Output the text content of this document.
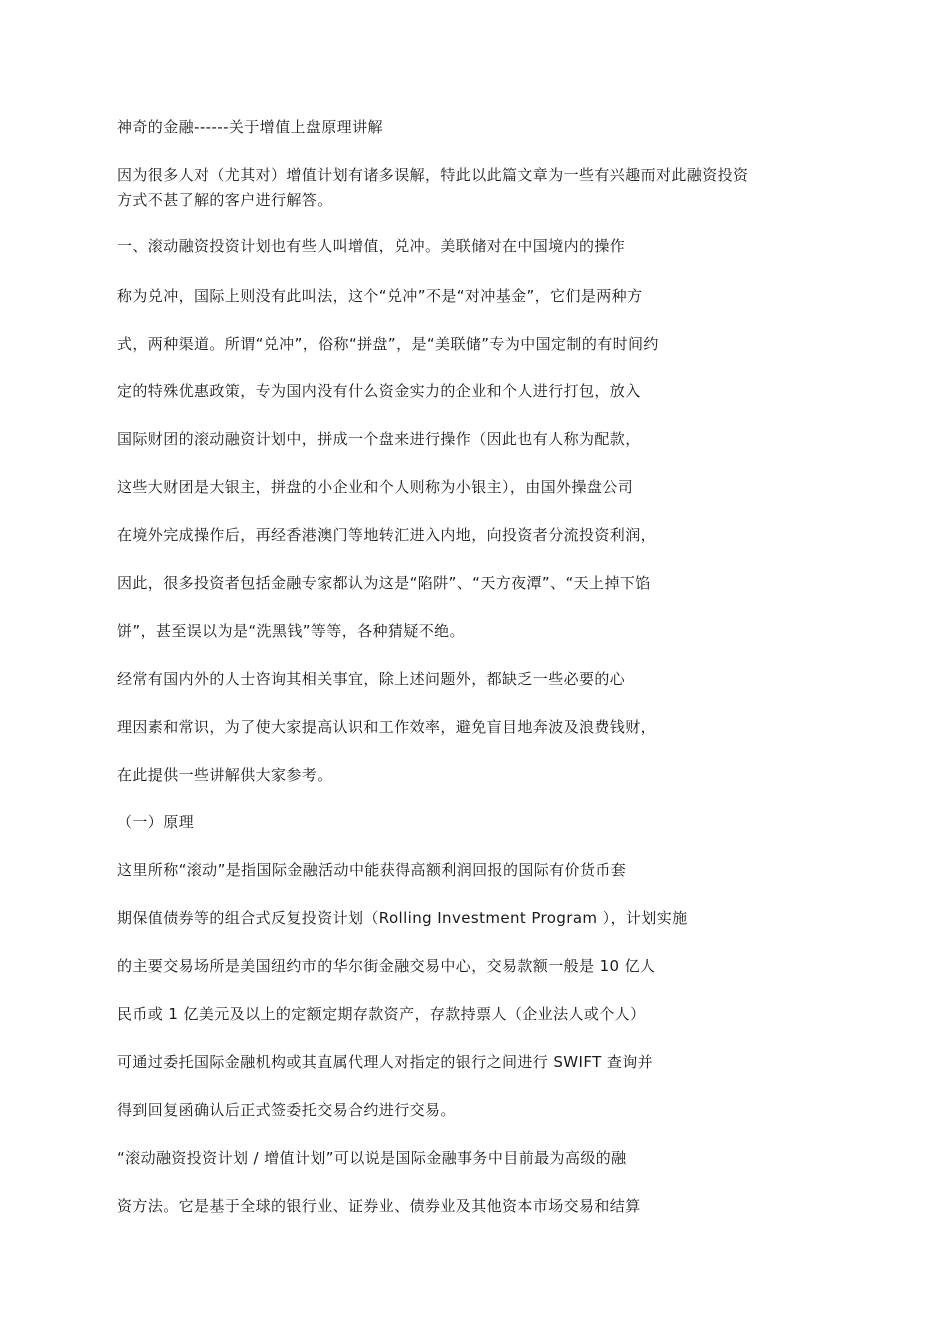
神奇的金融------关于增值上盘原理讲解
因为很多人对（尤其对）增值计划有诸多误解，特此以此篇文章为一些有兴趣而对此融资投资
方式不甚了解的客户进行解答。
一、滚动融资投资计划也有些人叫增值，兑冲。美联储对在中国境内的操作
称为兑冲，国际上则没有此叫法，这个“兑冲”不是“对冲基金”，它们是两种方
式，两种渠道。所谓“兑冲”，俗称“拼盘”，是“美联储”专为中国定制的有时间约
定的特殊优惠政策，专为国内没有什么资金实力的企业和个人进行打包，放入
国际财团的滚动融资计划中，拼成一个盘来进行操作（因此也有人称为配款，
这些大财团是大银主，拼盘的小企业和个人则称为小银主），由国外操盘公司
在境外完成操作后，再经香港澳门等地转汇进入内地，向投资者分流投资利润，
因此，很多投资者包括金融专家都认为这是“陷阱”、“天方夜潭”、“天上掉下馅
饼”，甚至误以为是“洗黑钱”等等，各种猜疑不绝。
经常有国内外的人士咨询其相关事宜，除上述问题外，都缺乏一些必要的心
理因素和常识，为了使大家提高认识和工作效率，避免盲目地奔波及浪费钱财，
在此提供一些讲解供大家参考。
（一）原理
这里所称“滚动”是指国际金融活动中能获得高额利润回报的国际有价货币套
期保值债券等的组合式反复投资计划（Rolling Investment Program ），计划实施
的主要交易场所是美国纽约市的华尔街金融交易中心，交易款额一般是 10 亿人
民币或 1 亿美元及以上的定额定期存款资产，存款持票人（企业法人或个人）
可通过委托国际金融机构或其直属代理人对指定的银行之间进行 SWIFT 查询并
得到回复函确认后正式签委托交易合约进行交易。
“滚动融资投资计划 / 增值计划”可以说是国际金融事务中目前最为高级的融
资方法。它是基于全球的银行业、证券业、债券业及其他资本市场交易和结算
